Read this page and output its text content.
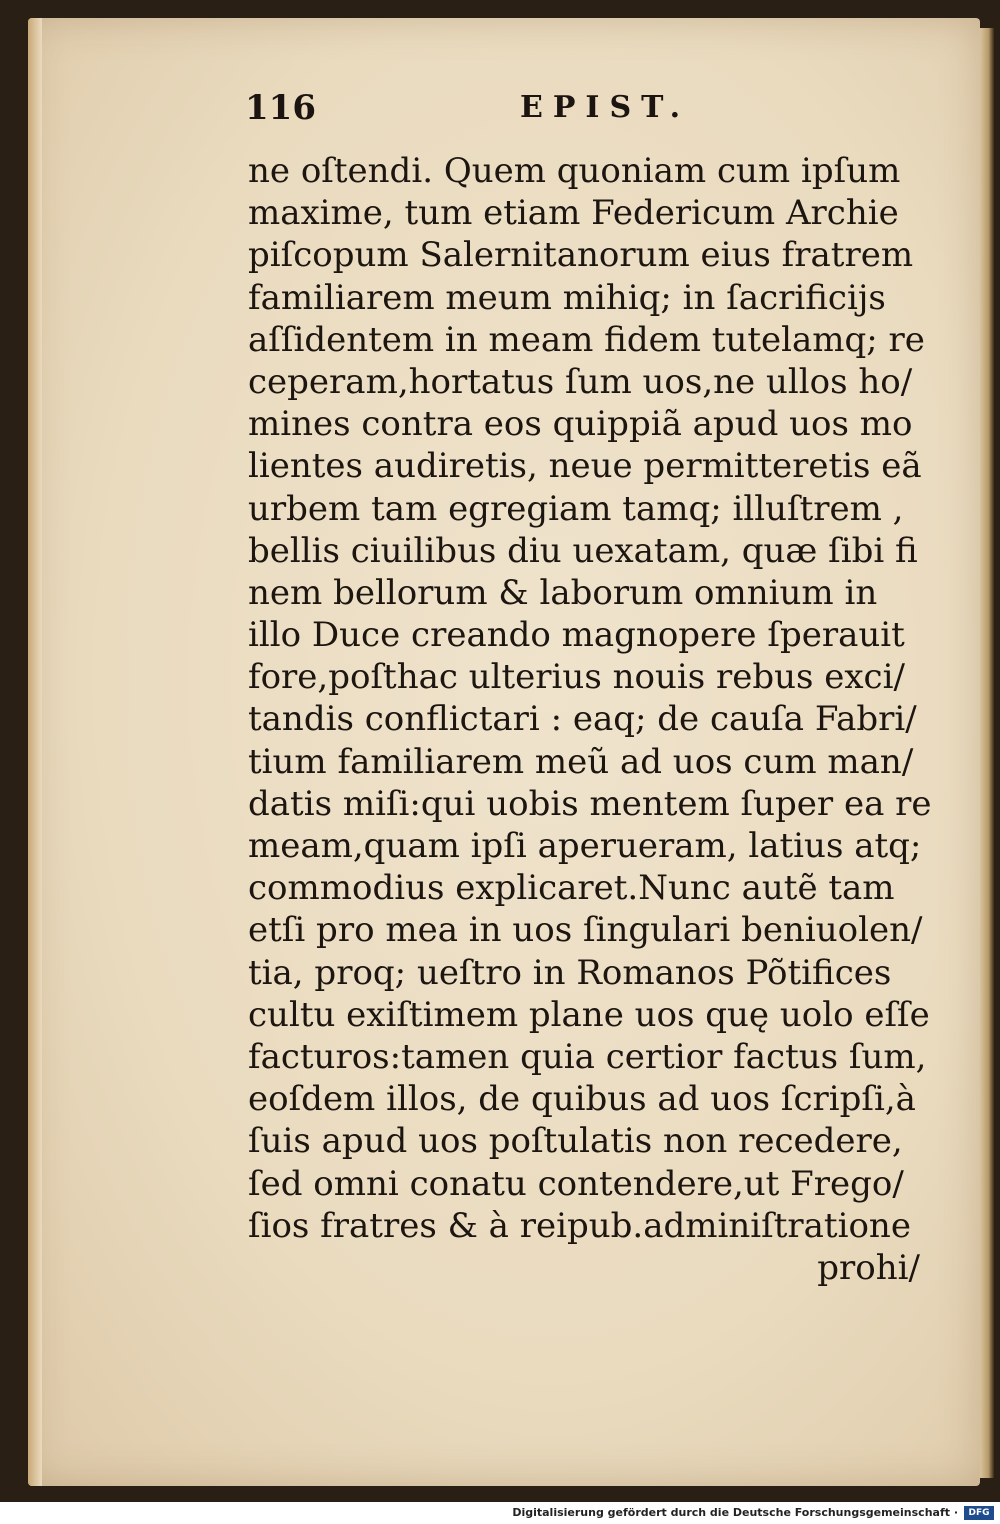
116	EPIST.
ne oſtendi. Quem quoniam cum ipſum
maxime, tum etiam Federicum Archie
piſcopum Salernitanorum eius fratrem
familiarem meum mihiq; in ſacrificijs
aſſidentem in meam fidem tutelamq; re
ceperam,hortatus ſum uos,ne ullos ho/
mines contra eos quippiã apud uos mo
lientes audiretis, neue permitteretis eã
urbem tam egregiam tamq; illuſtrem ,
bellis ciuilibus diu uexatam, quæ ſibi fi
nem bellorum & laborum omnium in
illo Duce creando magnopere ſperauit
fore,poſthac ulterius nouis rebus exci/
tandis conflictari : eaq; de cauſa Fabri/
tium familiarem meũ ad uos cum man/
datis miſi:qui uobis mentem ſuper ea re
meam,quam ipſi aperueram, latius atq;
commodius explicaret.Nunc autẽ tam
etſi pro mea in uos ſingulari beniuolen/
tia, proq; ueſtro in Romanos Põtifices
cultu exiſtimem plane uos quę uolo eſſe
facturos:tamen quia certior factus ſum,
eoſdem illos, de quibus ad uos ſcripſi,à
ſuis apud uos poſtulatis non recedere,
ſed omni conatu contendere,ut Frego/
ſios fratres & à reipub.adminiſtratione
prohi/
Digitalisierung gefördert durch die Deutsche Forschungsgemeinschaft ·	DFG
